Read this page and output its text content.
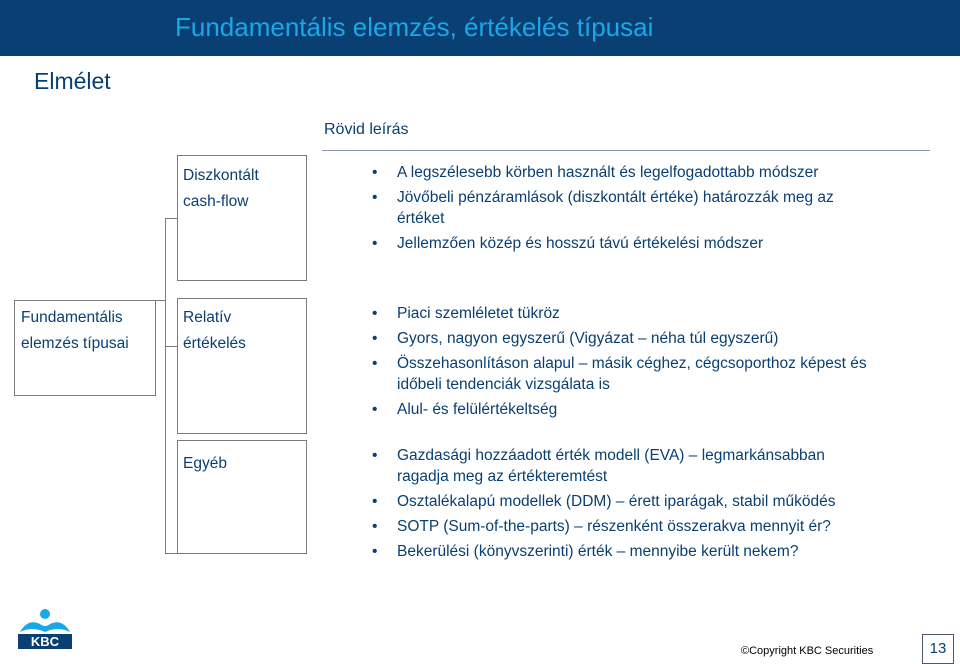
Fundamentális elemzés, értékelés típusai
Elmélet
Rövid leírás
Fundamentális
elemzés típusai
Diszkontált
cash-flow
Relatív
értékelés
Egyéb
• A legszélesebb körben használt és legelfogadottabb módszer
• Jövőbeli pénzáramlások (diszkontált értéke) határozzák meg az
értéket
• Jellemzően közép és hosszú távú értékelési módszer
• Piaci szemléletet tükröz
• Gyors, nagyon egyszerű (Vigyázat – néha túl egyszerű)
• Összehasonlításon alapul – másik céghez, cégcsoporthoz képest és
időbeli tendenciák vizsgálata is
• Alul- és felülértékeltség
• Gazdasági hozzáadott érték modell (EVA) – legmarkánsabban
ragadja meg az értékteremtést
• Osztalékalapú modellek (DDM) – érett iparágak, stabil működés
• SOTP (Sum-of-the-parts) – részenként összerakva mennyit ér?
• Bekerülési (könyvszerinti) érték – mennyibe került nekem?
KBC
©Copyright KBC Securities	13
